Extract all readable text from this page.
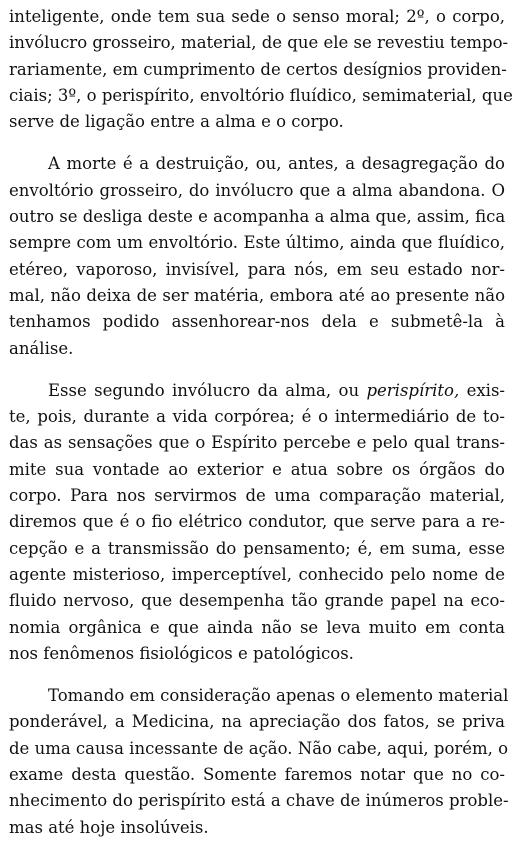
inteligente, onde tem sua sede o senso moral; 2º, o corpo,
invólucro grosseiro, material, de que ele se revestiu tempo-
rariamente, em cumprimento de certos desígnios providen-
ciais; 3º, o perispírito, envoltório fluídico, semimaterial, que
serve de ligação entre a alma e o corpo.
A morte é a destruição, ou, antes, a desagregação do
envoltório grosseiro, do invólucro que a alma abandona. O
outro se desliga deste e acompanha a alma que, assim, fica
sempre com um envoltório. Este último, ainda que fluídico,
etéreo, vaporoso, invisível, para nós, em seu estado nor-
mal, não deixa de ser matéria, embora até ao presente não
tenhamos podido assenhorear-nos dela e submetê-la à
análise.
Esse segundo invólucro da alma, ou perispírito, exis-
te, pois, durante a vida corpórea; é o intermediário de to-
das as sensações que o Espírito percebe e pelo qual trans-
mite sua vontade ao exterior e atua sobre os órgãos do
corpo. Para nos servirmos de uma comparação material,
diremos que é o fio elétrico condutor, que serve para a re-
cepção e a transmissão do pensamento; é, em suma, esse
agente misterioso, imperceptível, conhecido pelo nome de
fluido nervoso, que desempenha tão grande papel na eco-
nomia orgânica e que ainda não se leva muito em conta
nos fenômenos fisiológicos e patológicos.
Tomando em consideração apenas o elemento material
ponderável, a Medicina, na apreciação dos fatos, se priva
de uma causa incessante de ação. Não cabe, aqui, porém, o
exame desta questão. Somente faremos notar que no co-
nhecimento do perispírito está a chave de inúmeros proble-
mas até hoje insolúveis.
